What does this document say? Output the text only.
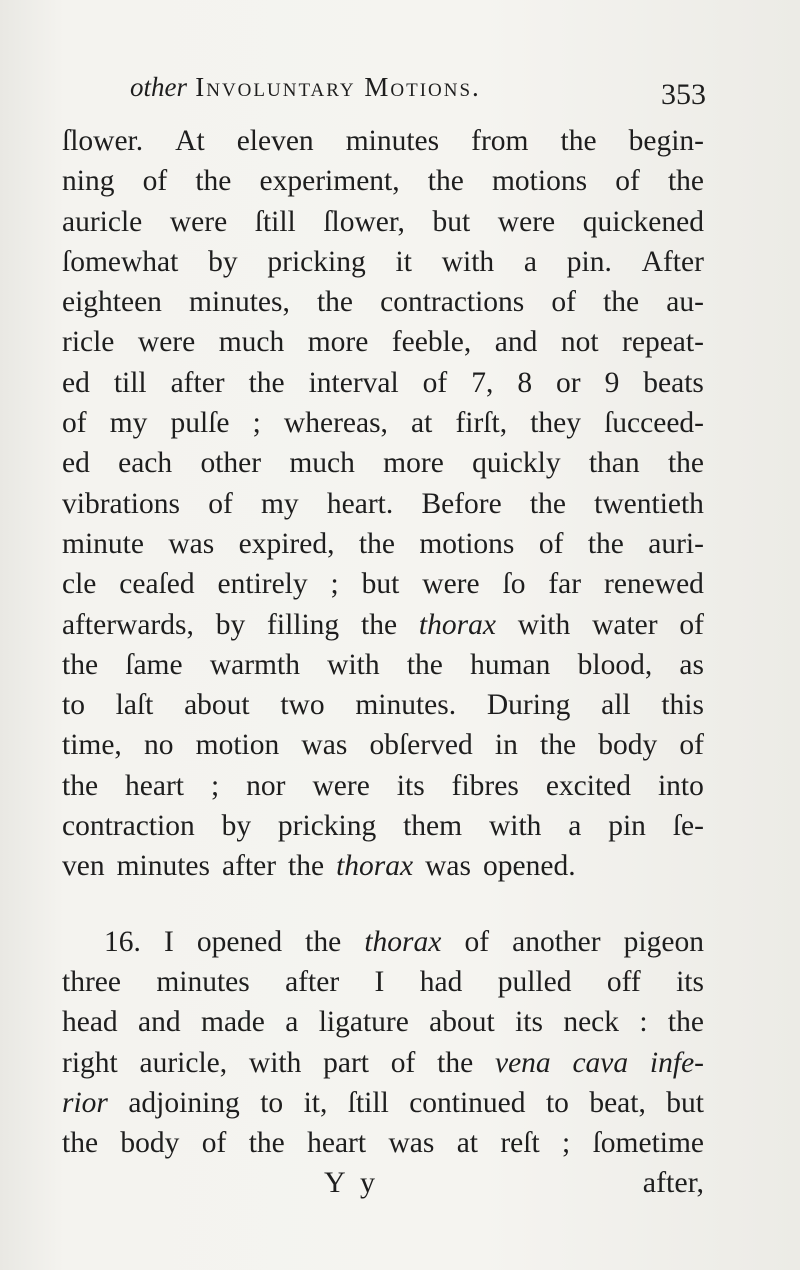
other Involuntary Motions.	353
ſlower. At eleven minutes from the begin-
ning of the experiment, the motions of the
auricle were ſtill ſlower, but were quickened
ſomewhat by pricking it with a pin. After
eighteen minutes, the contractions of the au-
ricle were much more feeble, and not repeat-
ed till after the interval of 7, 8 or 9 beats
of my pulſe ; whereas, at firſt, they ſucceed-
ed each other much more quickly than the
vibrations of my heart. Before the twentieth
minute was expired, the motions of the auri-
cle ceaſed entirely ; but were ſo far renewed
afterwards, by filling the thorax with water of
the ſame warmth with the human blood, as
to laſt about two minutes. During all this
time, no motion was obſerved in the body of
the heart ; nor were its fibres excited into
contraction by pricking them with a pin ſe-
ven minutes after the thorax was opened.
16. I opened the thorax of another pigeon
three minutes after I had pulled off its
head and made a ligature about its neck : the
right auricle, with part of the vena cava infe-
rior adjoining to it, ſtill continued to beat, but
the body of the heart was at reſt ; ſometime
Y y	after,
